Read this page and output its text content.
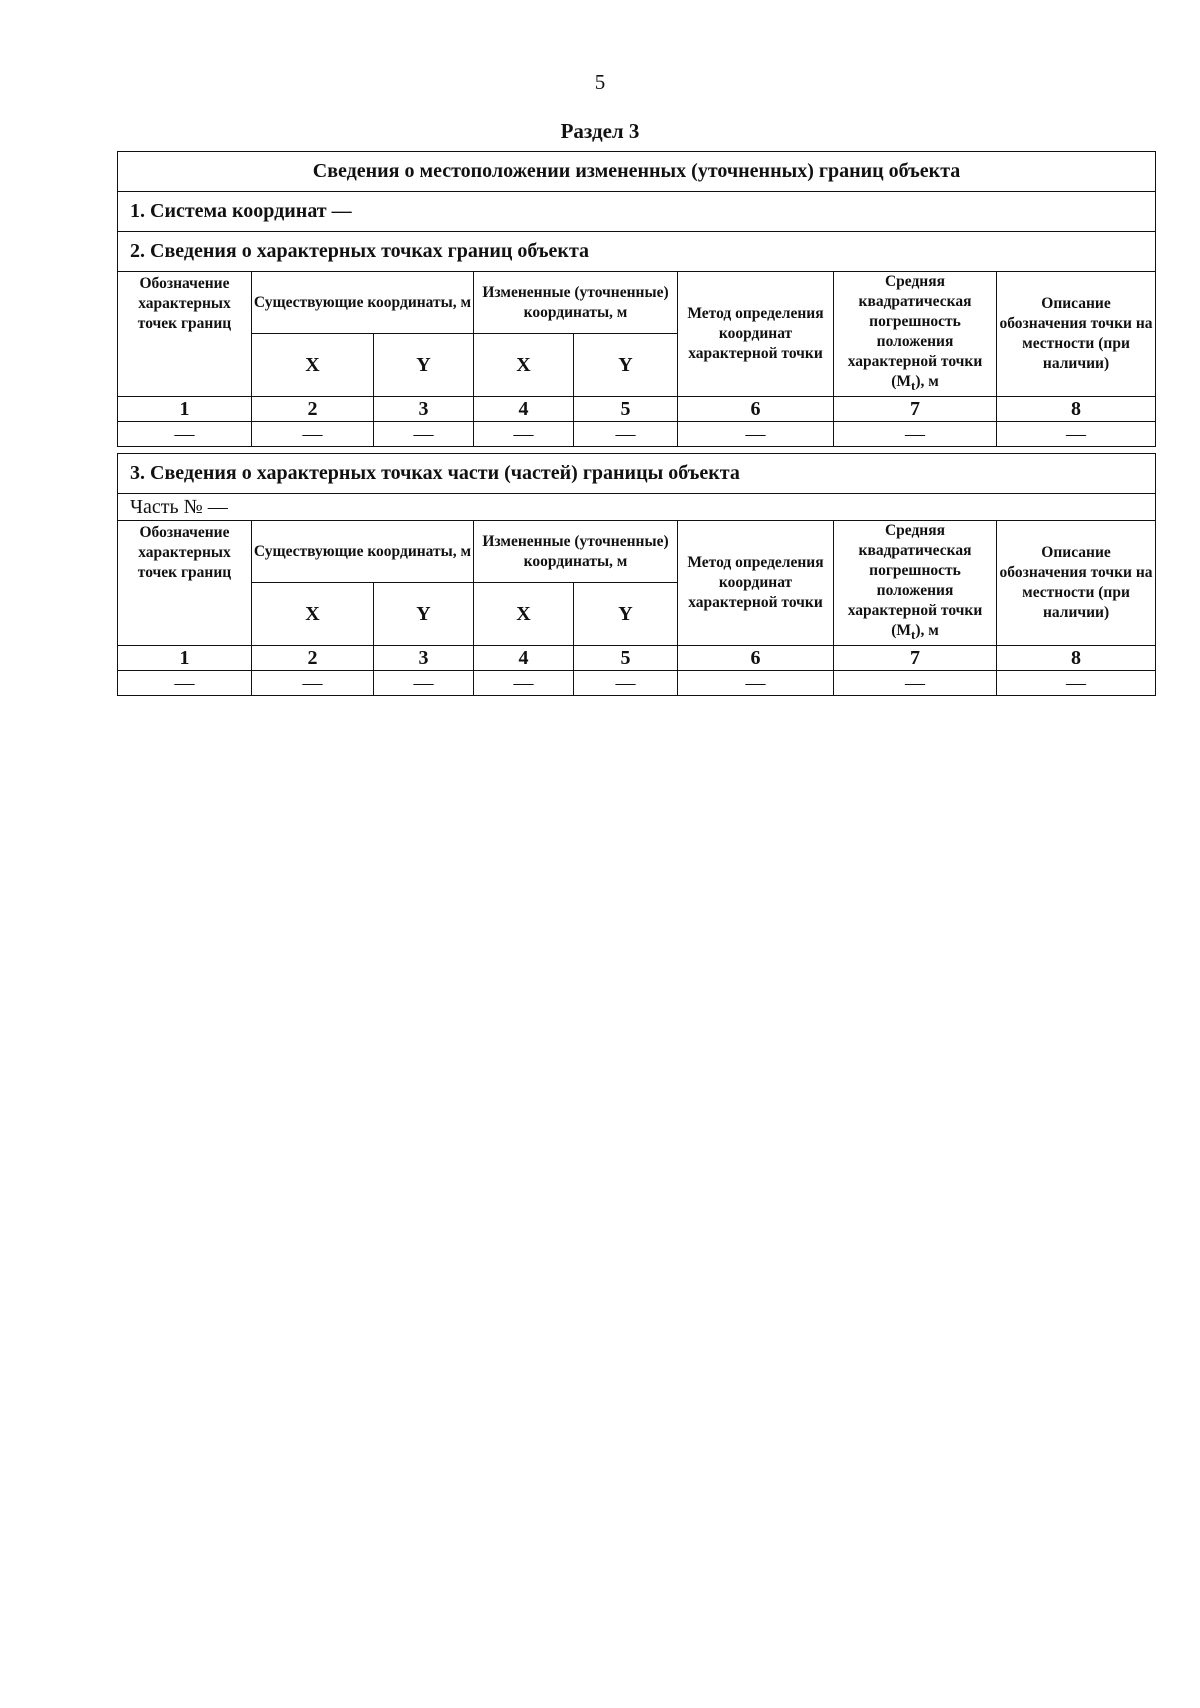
5
Раздел 3
Сведения о местоположении измененных (уточненных) границ объекта							
1. Система координат —							
2. Сведения о характерных точках границ объекта							
Обозначение характерных точек границ	Существующие координаты, м		Измененные (уточненные) координаты, м		Метод определения координат характерной точки	Средняя квадратическая погрешность положения характерной точки $(M_t)$, м	Описание обозначения точки на местности (при наличии)
	X	Y	X	Y			
1	2	3	4	5	6	7	8
—	—	—	—	—	—	—	—
3. Сведения о характерных точках части (частей) границы объекта							
Часть № —							
Обозначение характерных точек границ	Существующие координаты, м		Измененные (уточненные) координаты, м		Метод определения координат характерной точки	Средняя квадратическая погрешность положения характерной точки $(M_t)$, м	Описание обозначения точки на местности (при наличии)
	X	Y	X	Y			
1	2	3	4	5	6	7	8
—	—	—	—	—	—	—	—
